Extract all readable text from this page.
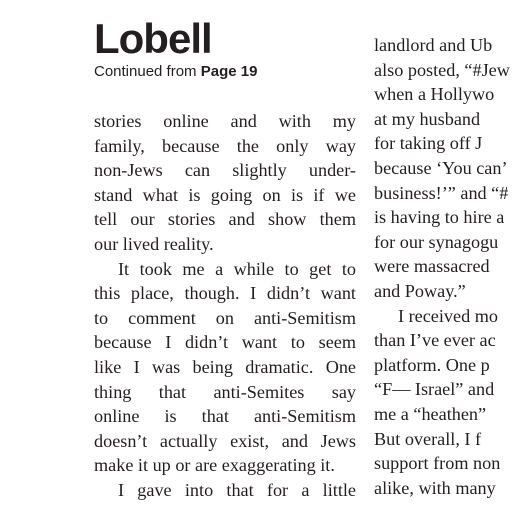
Lobell
Continued from Page 19
stories online and with my
family, because the only way
non-Jews can slightly under-
stand what is going on is if we
tell our stories and show them
our lived reality.
It took me a while to get to
this place, though. I didn’t want
to comment on anti-Semitism
because I didn’t want to seem
like I was being dramatic. One
thing that anti-Semites say
online is that anti-Semitism
doesn’t actually exist, and Jews
make it up or are exaggerating it.
I gave into that for a little
landlord and Ub
also posted, “#Jew
when a Hollywo
at my husband
for taking off J
because ‘You can’
business!’” and “#
is having to hire a
for our synagogu
were massacred
and Poway.”
I received mo
than I’ve ever ac
platform. One p
“F— Israel” and
me a “heathen”
But overall, I f
support from non
alike, with many
